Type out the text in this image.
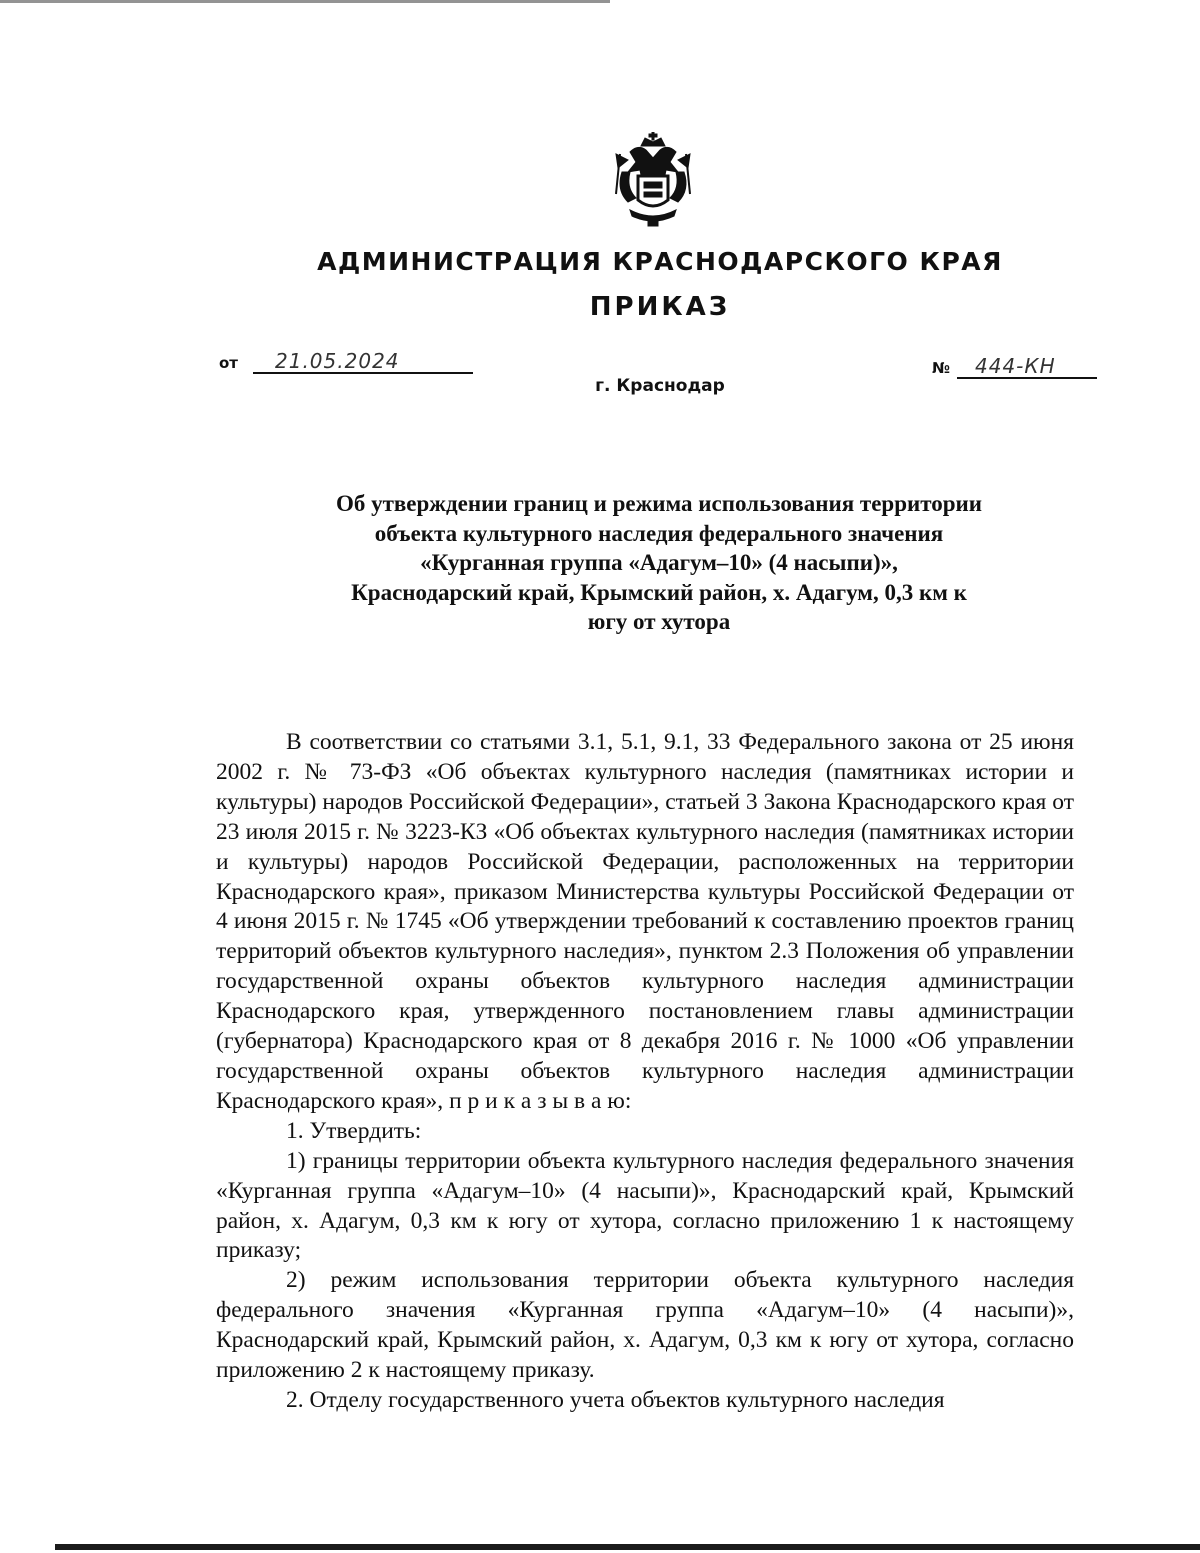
АДМИНИСТРАЦИЯ КРАСНОДАРСКОГО КРАЯ
ПРИКАЗ
от 21.05.2024	№ 444-КН
г. Краснодар
Об утверждении границ и режима использования территории
объекта культурного наследия федерального значения
«Курганная группа «Адагум–10» (4 насыпи)»,
Краснодарский край, Крымский район, х. Адагум, 0,3 км к
югу от хутора

В соответствии со статьями 3.1, 5.1, 9.1, 33 Федерального закона от 25 июня 2002 г. № 73-ФЗ «Об объектах культурного наследия (памятниках истории и культуры) народов Российской Федерации», статьей 3 Закона Краснодарского края от 23 июля 2015 г. № 3223-КЗ «Об объектах культурного наследия (памятниках истории и культуры) народов Российской Федерации, расположенных на территории Краснодарского края», приказом Министерства культуры Российской Федерации от 4 июня 2015 г. № 1745 «Об утверждении требований к составлению проектов границ территорий объектов культурного наследия», пунктом 2.3 Положения об управлении государственной охраны объектов культурного наследия администрации Краснодарского края, утвержденного постановлением главы администрации (губернатора) Краснодарского края от 8 декабря 2016 г. № 1000 «Об управлении государственной охраны объектов культурного наследия администрации Краснодарского края», п р и к а з ы в а ю:

1. Утвердить:

1) границы территории объекта культурного наследия федерального значения «Курганная группа «Адагум–10» (4 насыпи)», Краснодарский край, Крымский район, х. Адагум, 0,3 км к югу от хутора, согласно приложению 1 к настоящему приказу;

2) режим использования территории объекта культурного наследия федерального значения «Курганная группа «Адагум–10» (4 насыпи)», Краснодарский край, Крымский район, х. Адагум, 0,3 км к югу от хутора, согласно приложению 2 к настоящему приказу.

2. Отделу государственного учета объектов культурного наследия
